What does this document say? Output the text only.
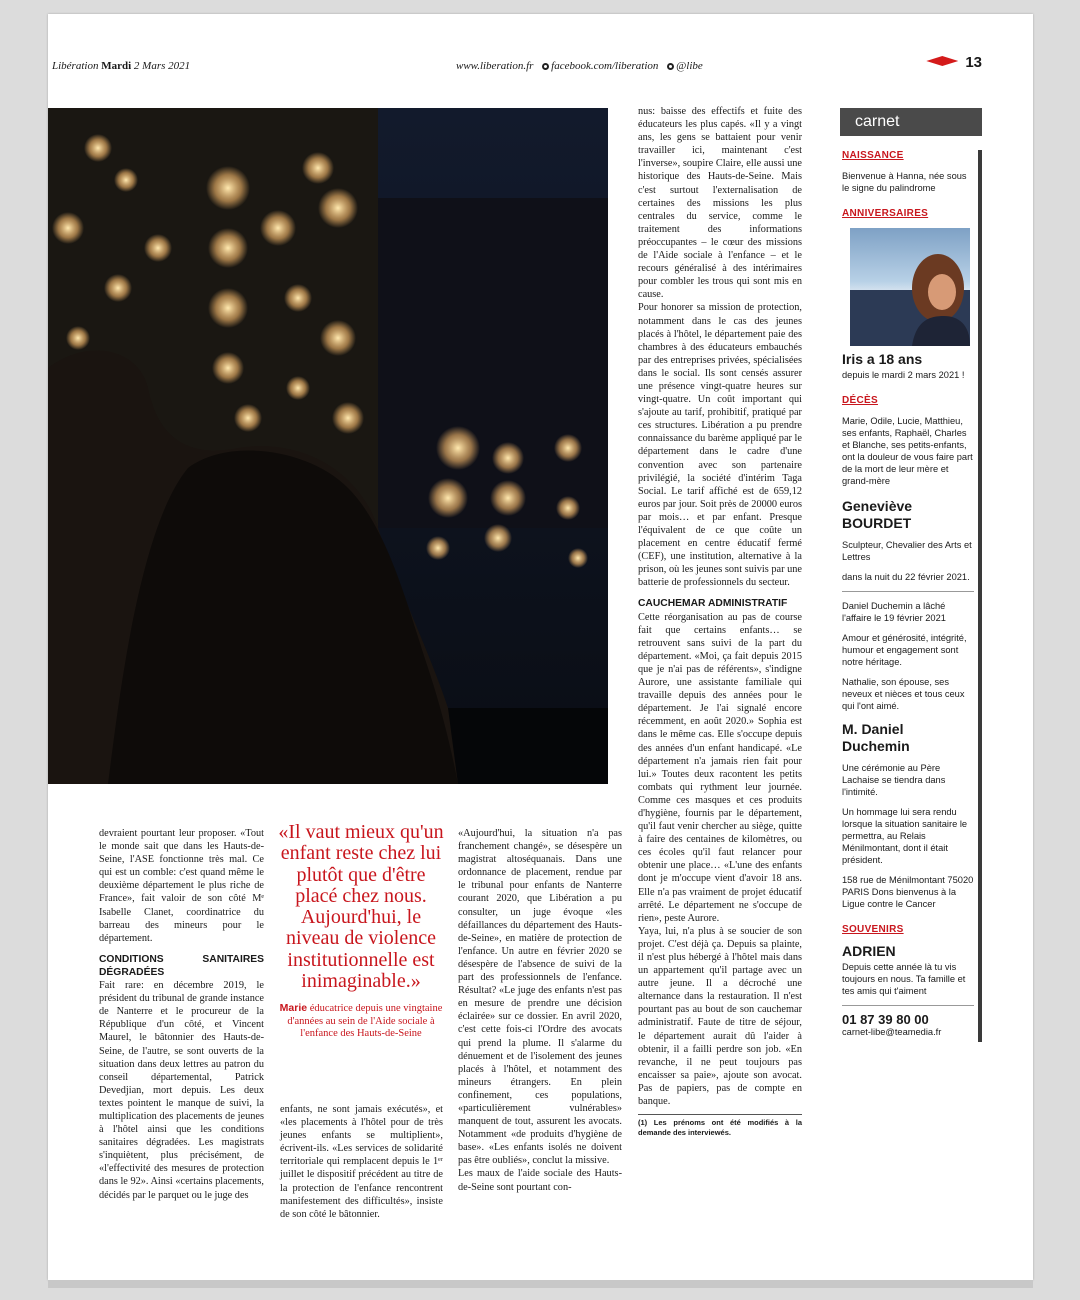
Libération Mardi 2 Mars 2021	www.liberation.fr facebook.com/liberation @libe	13

devraient pourtant leur proposer. «Tout le monde sait que dans les Hauts-de-Seine, l'ASE fonctionne très mal. Ce qui est un comble: c'est quand même le deuxième département le plus riche de France», fait valoir de son côté Mᵉ Isabelle Clanet, coordinatrice du barreau des mineurs pour le département.

CONDITIONS SANITAIRES DÉGRADÉES

Fait rare: en décembre 2019, le président du tribunal de grande instance de Nanterre et le procureur de la République d'un côté, et Vincent Maurel, le bâtonnier des Hauts-de-Seine, de l'autre, se sont ouverts de la situation dans deux lettres au patron du conseil départemental, Patrick Devedjian, mort depuis. Les deux textes pointent le manque de suivi, la multiplication des placements de jeunes à l'hôtel ainsi que les conditions sanitaires dégradées. Les magistrats s'inquiètent, plus précisément, de «l'effectivité des mesures de protection dans le 92». Ainsi «certains placements, décidés par le parquet ou le juge des

«Il vaut mieux qu'un enfant reste chez lui plutôt que d'être placé chez nous. Aujourd'hui, le niveau de violence institutionnelle est inimaginable.»
Marie éducatrice depuis une vingtaine d'années au sein de l'Aide sociale à l'enfance des Hauts-de-Seine

enfants, ne sont jamais exécutés», et «les placements à l'hôtel pour de très jeunes enfants se multiplient», écrivent-ils. «Les services de solidarité territoriale qui remplacent depuis le 1ᵉʳ juillet le dispositif précédent au titre de la protection de l'enfance rencontrent manifestement des difficultés», insiste de son côté le bâtonnier.

«Aujourd'hui, la situation n'a pas franchement changé», se désespère un magistrat altoséquanais. Dans une ordonnance de placement, rendue par le tribunal pour enfants de Nanterre courant 2020, que Libération a pu consulter, un juge évoque «les défaillances du département des Hauts-de-Seine», en matière de protection de l'enfance. Un autre en février 2020 se désespère de l'absence de suivi de la part des professionnels de l'enfance. Résultat? «Le juge des enfants n'est pas en mesure de prendre une décision éclairée» sur ce dossier. En avril 2020, c'est cette fois-ci l'Ordre des avocats qui prend la plume. Il s'alarme du dénuement et de l'isolement des jeunes placés à l'hôtel, et notamment des mineurs étrangers. En plein confinement, ces populations, «particulièrement vulnérables» manquent de tout, assurent les avocats. Notamment «de produits d'hygiène de base». «Les enfants isolés ne doivent pas être oubliés», conclut la missive.

Les maux de l'aide sociale des Hauts-de-Seine sont pourtant con-

nus: baisse des effectifs et fuite des éducateurs les plus capés. «Il y a vingt ans, les gens se battaient pour venir travailler ici, maintenant c'est l'inverse», soupire Claire, elle aussi une historique des Hauts-de-Seine. Mais c'est surtout l'externalisation de certaines des missions les plus centrales du service, comme le traitement des informations préoccupantes – le cœur des missions de l'Aide sociale à l'enfance – et le recours généralisé à des intérimaires pour combler les trous qui sont mis en cause.

Pour honorer sa mission de protection, notamment dans le cas des jeunes placés à l'hôtel, le département paie des chambres à des éducateurs embauchés par des entreprises privées, spécialisées dans le social. Ils sont censés assurer une présence vingt-quatre heures sur vingt-quatre. Un coût important qui s'ajoute au tarif, prohibitif, pratiqué par ces structures. Libération a pu prendre connaissance du barème appliqué par le département dans le cadre d'une convention avec son partenaire privilégié, la société d'intérim Taga Social. Le tarif affiché est de 659,12 euros par jour. Soit près de 20000 euros par mois… et par enfant. Presque l'équivalent de ce que coûte un placement en centre éducatif fermé (CEF), une institution, alternative à la prison, où les jeunes sont suivis par une batterie de professionnels du secteur.

CAUCHEMAR ADMINISTRATIF

Cette réorganisation au pas de course fait que certains enfants… se retrouvent sans suivi de la part du département. «Moi, ça fait depuis 2015 que je n'ai pas de référents», s'indigne Aurore, une assistante familiale qui travaille depuis des années pour le département. Je l'ai signalé encore récemment, en août 2020.» Sophia est dans le même cas. Elle s'occupe depuis des années d'un enfant handicapé. «Le département n'a jamais rien fait pour lui.» Toutes deux racontent les petits combats qui rythment leur journée. Comme ces masques et ces produits d'hygiène, fournis par le département, qu'il faut venir chercher au siège, quitte à faire des centaines de kilomètres, ou ces écoles qu'il faut relancer pour obtenir une place… «L'une des enfants dont je m'occupe vient d'avoir 18 ans. Elle n'a pas vraiment de projet éducatif arrêté. Le département ne s'occupe de rien», peste Aurore.

Yaya, lui, n'a plus à se soucier de son projet. C'est déjà ça. Depuis sa plainte, il n'est plus hébergé à l'hôtel mais dans un appartement qu'il partage avec un autre jeune. Il a décroché une alternance dans la restauration. Il n'est pourtant pas au bout de son cauchemar administratif. Faute de titre de séjour, le département aurait dû l'aider à obtenir, il a failli perdre son job. «En revanche, il ne peut toujours pas encaisser sa paie», ajoute son avocat. Pas de papiers, pas de compte en banque.

(1) Les prénoms ont été modifiés à la demande des interviewés.

carnet
NAISSANCE

Bienvenue à Hanna, née sous le signe du palindrome

ANNIVERSAIRES
Iris a 18 ans

depuis le mardi 2 mars 2021 !

DÉCÈS

Marie, Odile, Lucie, Matthieu, ses enfants, Raphaël, Charles et Blanche, ses petits-enfants, ont la douleur de vous faire part de la mort de leur mère et grand-mère

Geneviève
BOURDET

Sculpteur, Chevalier des Arts et Lettres

dans la nuit du 22 février 2021.

Daniel Duchemin a lâché l'affaire le 19 février 2021

Amour et générosité, intégrité, humour et engagement sont notre héritage.

Nathalie, son épouse, ses neveux et nièces et tous ceux qui l'ont aimé.

M. Daniel
Duchemin

Une cérémonie au Père Lachaise se tiendra dans l'intimité.

Un hommage lui sera rendu lorsque la situation sanitaire le permettra, au Relais Ménilmontant, dont il était président.

158 rue de Ménilmontant 75020 PARIS Dons bienvenus à la Ligue contre le Cancer

SOUVENIRS
ADRIEN

Depuis cette année là tu vis toujours en nous. Ta famille et tes amis qui t'aiment

01 87 39 80 00

carnet-libe@teamedia.fr
